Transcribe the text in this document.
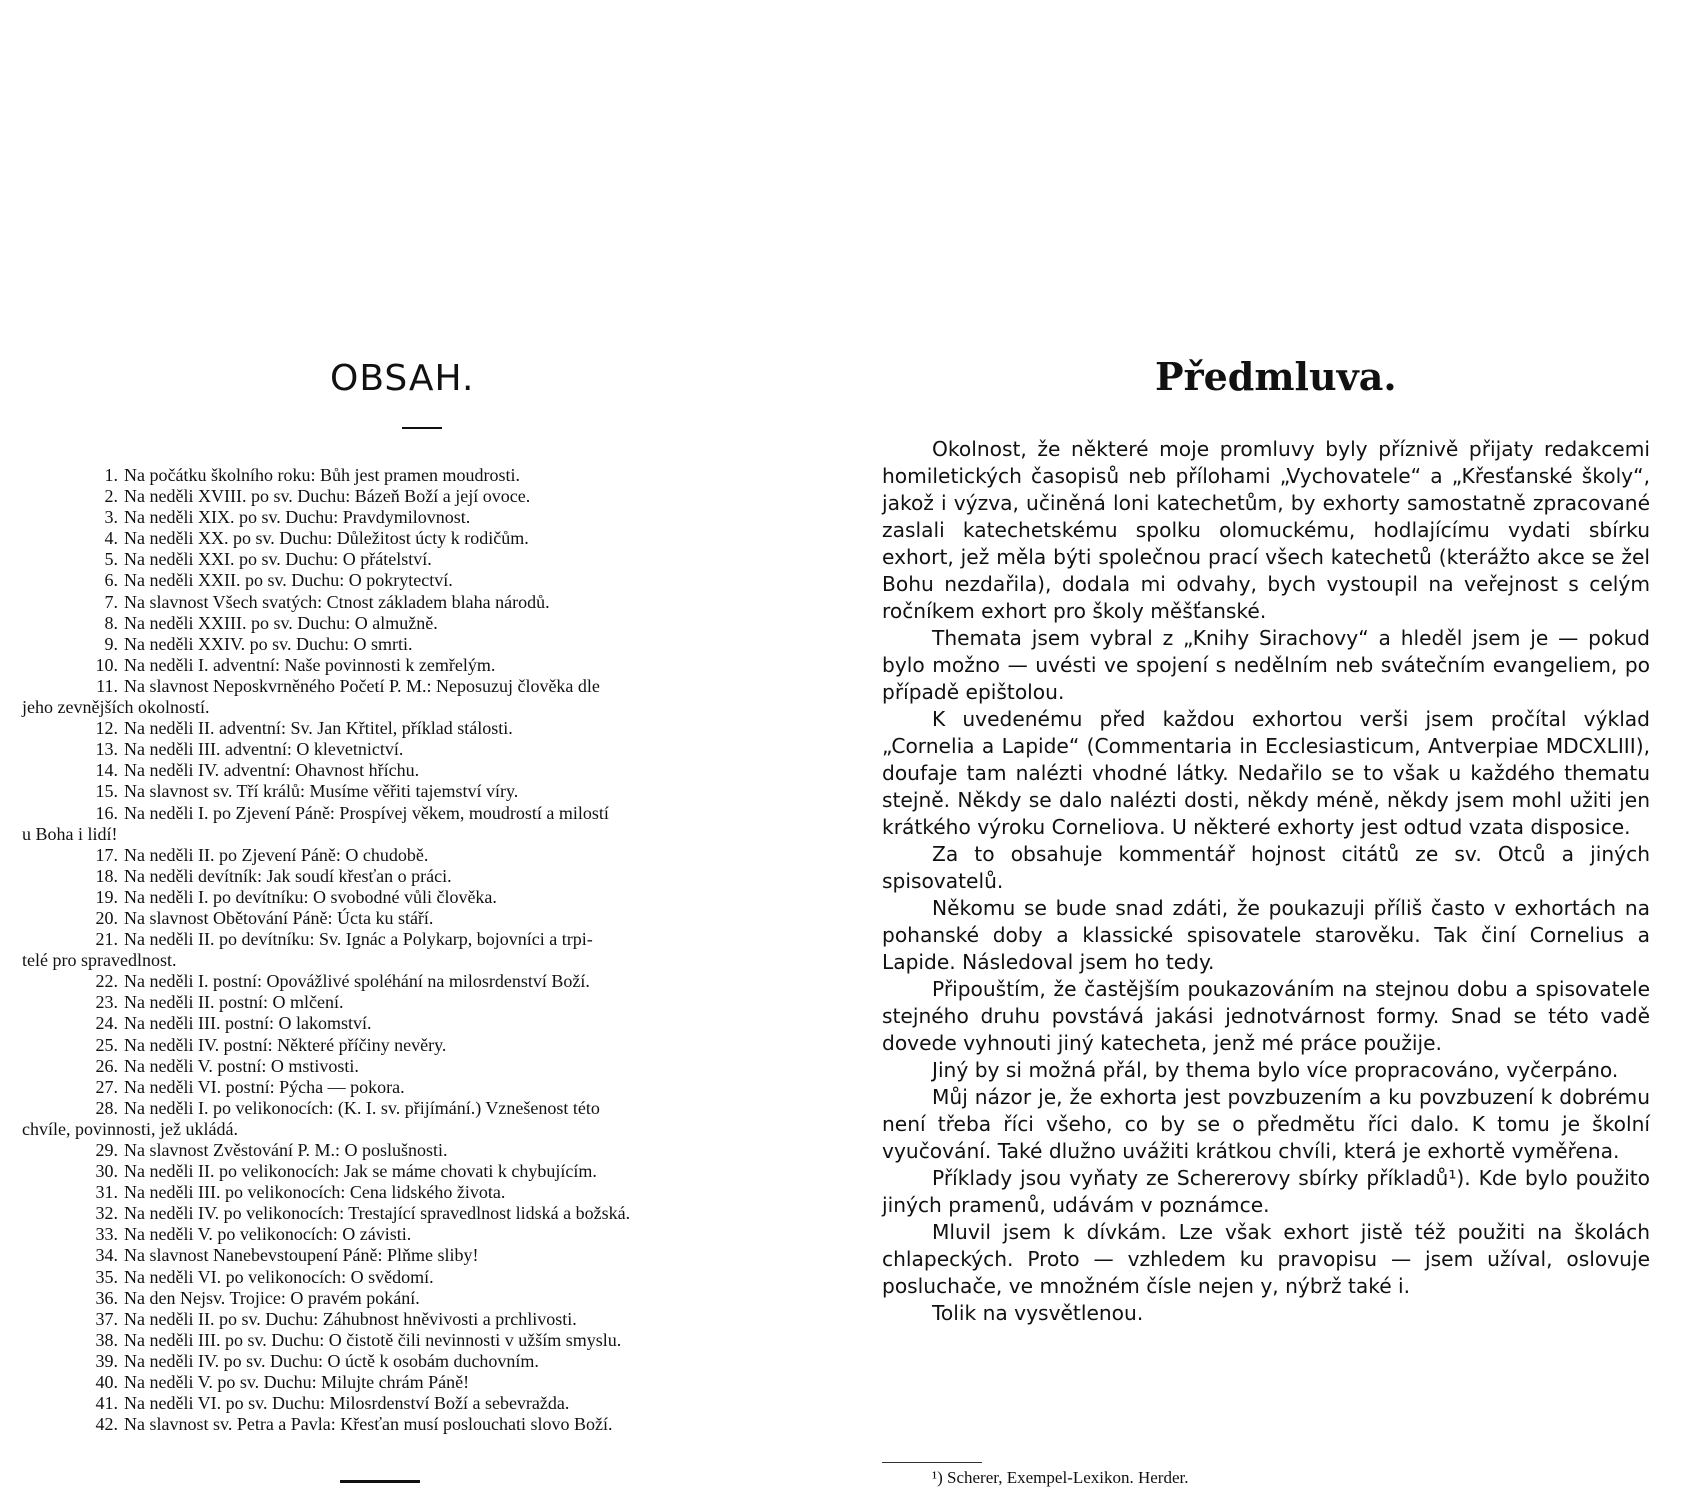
OBSAH.
1. Na počátku školního roku: Bůh jest pramen moudrosti.
2. Na neděli XVIII. po sv. Duchu: Bázeň Boží a její ovoce.
3. Na neděli XIX. po sv. Duchu: Pravdymilovnost.
4. Na neděli XX. po sv. Duchu: Důležitost úcty k rodičům.
5. Na neděli XXI. po sv. Duchu: O přátelství.
6. Na neděli XXII. po sv. Duchu: O pokrytectví.
7. Na slavnost Všech svatých: Ctnost základem blaha národů.
8. Na neděli XXIII. po sv. Duchu: O almužně.
9. Na neděli XXIV. po sv. Duchu: O smrti.
10. Na neděli I. adventní: Naše povinnosti k zemřelým.
11. Na slavnost Neposkvrněného Početí P. M.: Neposuzuj člověka dle
jeho zevnějších okolností.
12. Na neděli II. adventní: Sv. Jan Křtitel, příklad stálosti.
13. Na neděli III. adventní: O klevetnictví.
14. Na neděli IV. adventní: Ohavnost hříchu.
15. Na slavnost sv. Tří králů: Musíme věřiti tajemství víry.
16. Na neděli I. po Zjevení Páně: Prospívej věkem, moudrostí a milostí
u Boha i lidí!
17. Na neděli II. po Zjevení Páně: O chudobě.
18. Na neděli devítník: Jak soudí křesťan o práci.
19. Na neděli I. po devítníku: O svobodné vůli člověka.
20. Na slavnost Obětování Páně: Úcta ku stáří.
21. Na neděli II. po devítníku: Sv. Ignác a Polykarp, bojovníci a trpi-
telé pro spravedlnost.
22. Na neděli I. postní: Opovážlivé spoléhání na milosrdenství Boží.
23. Na neděli II. postní: O mlčení.
24. Na neděli III. postní: O lakomství.
25. Na neděli IV. postní: Některé příčiny nevěry.
26. Na neděli V. postní: O mstivosti.
27. Na neděli VI. postní: Pýcha — pokora.
28. Na neděli I. po velikonocích: (K. I. sv. přijímání.) Vznešenost této
chvíle, povinnosti, jež ukládá.
29. Na slavnost Zvěstování P. M.: O poslušnosti.
30. Na neděli II. po velikonocích: Jak se máme chovati k chybujícím.
31. Na neděli III. po velikonocích: Cena lidského života.
32. Na neděli IV. po velikonocích: Trestající spravedlnost lidská a božská.
33. Na neděli V. po velikonocích: O závisti.
34. Na slavnost Nanebevstoupení Páně: Plňme sliby!
35. Na neděli VI. po velikonocích: O svědomí.
36. Na den Nejsv. Trojice: O pravém pokání.
37. Na neděli II. po sv. Duchu: Záhubnost hněvivosti a prchlivosti.
38. Na neděli III. po sv. Duchu: O čistotě čili nevinnosti v užším smyslu.
39. Na neděli IV. po sv. Duchu: O úctě k osobám duchovním.
40. Na neděli V. po sv. Duchu: Milujte chrám Páně!
41. Na neděli VI. po sv. Duchu: Milosrdenství Boží a sebevražda.
42. Na slavnost sv. Petra a Pavla: Křesťan musí poslouchati slovo Boží.
Předmluva.

Okolnost, že některé moje promluvy byly příznivě přijaty redakcemi homiletických časopisů neb přílohami „Vychovatele“ a „Křesťanské školy“, jakož i výzva, učiněná loni katechetům, by exhorty samostatně zpracované zaslali katechetskému spolku olomuckému, hodlajícímu vydati sbírku exhort, jež měla býti společnou prací všech katechetů (kterážto akce se žel Bohu nezdařila), dodala mi odvahy, bych vystoupil na veřejnost s celým ročníkem exhort pro školy měšťanské.

Themata jsem vybral z „Knihy Sirachovy“ a hleděl jsem je — pokud bylo možno — uvésti ve spojení s nedělním neb svátečním evangeliem, po případě epištolou.

K uvedenému před každou exhortou verši jsem pročítal výklad „Cornelia a Lapide“ (Commentaria in Ecclesiasticum, Antverpiae MDCXLIII), doufaje tam nalézti vhodné látky. Nedařilo se to však u každého thematu stejně. Někdy se dalo nalézti dosti, někdy méně, někdy jsem mohl užiti jen krátkého výroku Corneliova. U některé exhorty jest odtud vzata disposice.

Za to obsahuje kommentář hojnost citátů ze sv. Otců a jiných spisovatelů.

Někomu se bude snad zdáti, že poukazuji příliš často v exhortách na pohanské doby a klassické spisovatele starověku. Tak činí Cornelius a Lapide. Následoval jsem ho tedy.

Připouštím, že častějším poukazováním na stejnou dobu a spisovatele stejného druhu povstává jakási jednotvárnost formy. Snad se této vadě dovede vyhnouti jiný katecheta, jenž mé práce použije.

Jiný by si možná přál, by thema bylo více propracováno, vyčerpáno.

Můj názor je, že exhorta jest povzbuzením a ku povzbuzení k dobrému není třeba říci všeho, co by se o předmětu říci dalo. K tomu je školní vyučování. Také dlužno uvážiti krátkou chvíli, která je exhortě vyměřena.

Příklady jsou vyňaty ze Schererovy sbírky příkladů¹). Kde bylo použito jiných pramenů, udávám v poznámce.

Mluvil jsem k dívkám. Lze však exhort jistě též použiti na školách chlapeckých. Proto — vzhledem ku pravopisu — jsem užíval, oslovuje posluchače, ve množném čísle nejen y, nýbrž také i.

Tolik na vysvětlenou.

¹) Scherer, Exempel-Lexikon. Herder.
